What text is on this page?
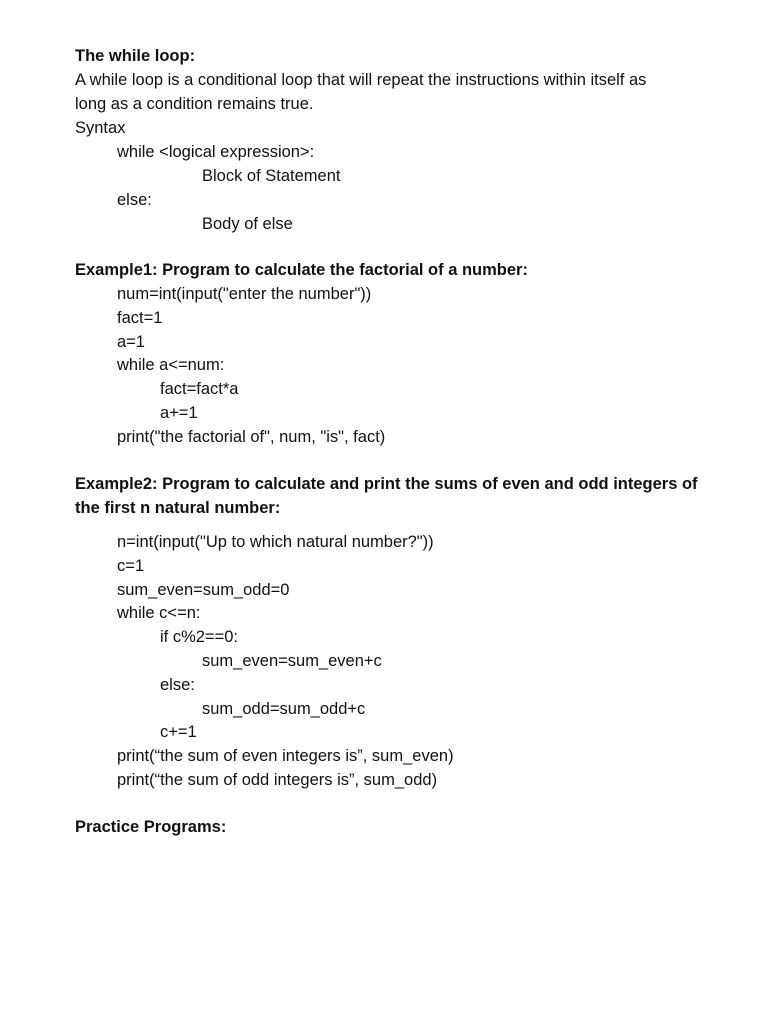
The while loop:

A while loop is a conditional loop that will repeat the instructions within itself as

long as a condition remains true.

Syntax

while <logical expression>:

Block of Statement

else:

Body of else

Example1: Program to calculate the factorial of a number:

num=int(input("enter the number"))

fact=1

a=1

while a<=num:

fact=fact*a

a+=1

print("the factorial of", num, "is", fact)

Example2: Program to calculate and print the sums of even and odd integers of

the first n natural number:

n=int(input("Up to which natural number?"))

c=1

sum_even=sum_odd=0

while c<=n:

if c%2==0:

sum_even=sum_even+c

else:

sum_odd=sum_odd+c

c+=1

print(“the sum of even integers is”, sum_even)

print(“the sum of odd integers is”, sum_odd)

Practice Programs:
